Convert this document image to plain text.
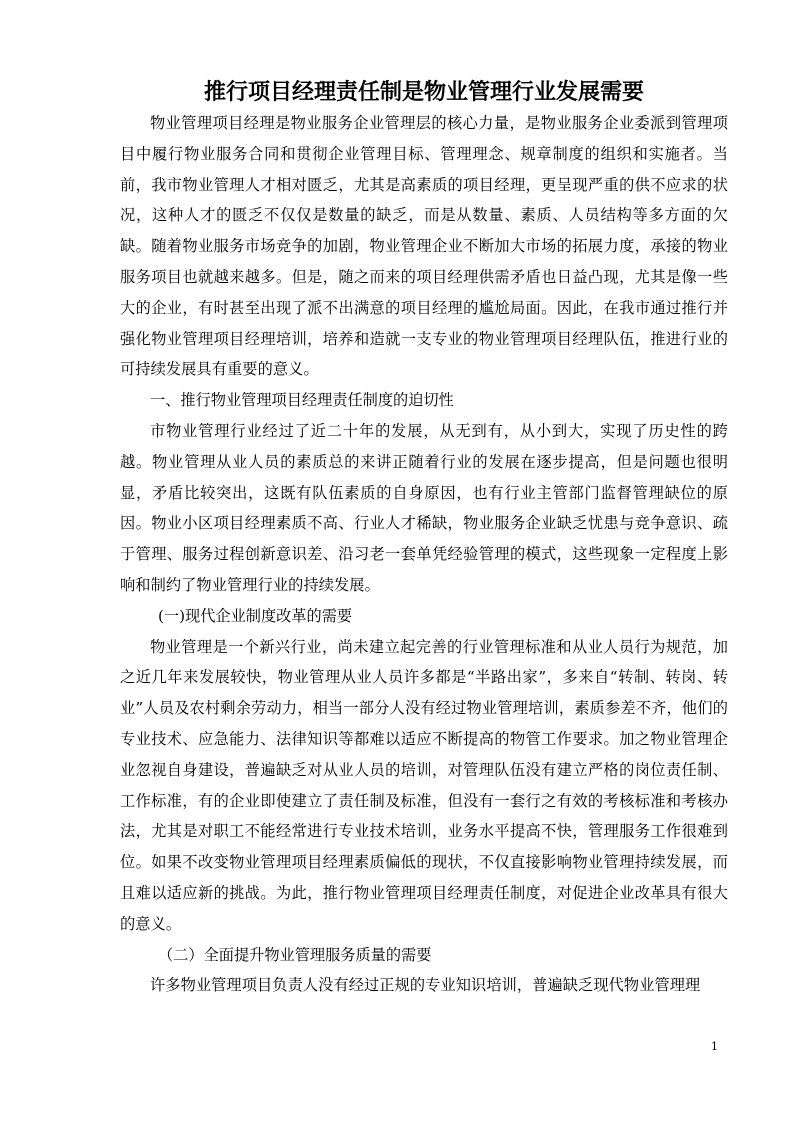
推行项目经理责任制是物业管理行业发展需要

物业管理项目经理是物业服务企业管理层的核心力量，是物业服务企业委派到管理项目中履行物业服务合同和贯彻企业管理目标、管理理念、规章制度的组织和实施者。当前，我市物业管理人才相对匮乏，尤其是高素质的项目经理，更呈现严重的供不应求的状况，这种人才的匮乏不仅仅是数量的缺乏，而是从数量、素质、人员结构等多方面的欠缺。随着物业服务市场竞争的加剧，物业管理企业不断加大市场的拓展力度，承接的物业服务项目也就越来越多。但是，随之而来的项目经理供需矛盾也日益凸现，尤其是像一些大的企业，有时甚至出现了派不出满意的项目经理的尴尬局面。因此，在我市通过推行并强化物业管理项目经理培训，培养和造就一支专业的物业管理项目经理队伍，推进行业的可持续发展具有重要的意义。

一、推行物业管理项目经理责任制度的迫切性

市物业管理行业经过了近二十年的发展，从无到有，从小到大，实现了历史性的跨越。物业管理从业人员的素质总的来讲正随着行业的发展在逐步提高，但是问题也很明显，矛盾比较突出，这既有队伍素质的自身原因，也有行业主管部门监督管理缺位的原因。物业小区项目经理素质不高、行业人才稀缺，物业服务企业缺乏忧患与竞争意识、疏于管理、服务过程创新意识差、沿习老一套单凭经验管理的模式，这些现象一定程度上影响和制约了物业管理行业的持续发展。

(一)现代企业制度改革的需要

物业管理是一个新兴行业，尚未建立起完善的行业管理标准和从业人员行为规范，加之近几年来发展较快，物业管理从业人员许多都是“半路出家”，多来自“转制、转岗、转业”人员及农村剩余劳动力，相当一部分人没有经过物业管理培训，素质参差不齐，他们的专业技术、应急能力、法律知识等都难以适应不断提高的物管工作要求。加之物业管理企业忽视自身建设，普遍缺乏对从业人员的培训，对管理队伍没有建立严格的岗位责任制、工作标准，有的企业即使建立了责任制及标准，但没有一套行之有效的考核标准和考核办法，尤其是对职工不能经常进行专业技术培训，业务水平提高不快，管理服务工作很难到位。如果不改变物业管理项目经理素质偏低的现状，不仅直接影响物业管理持续发展，而且难以适应新的挑战。为此，推行物业管理项目经理责任制度，对促进企业改革具有很大的意义。

（二）全面提升物业管理服务质量的需要

许多物业管理项目负责人没有经过正规的专业知识培训，普遍缺乏现代物业管理理

1
